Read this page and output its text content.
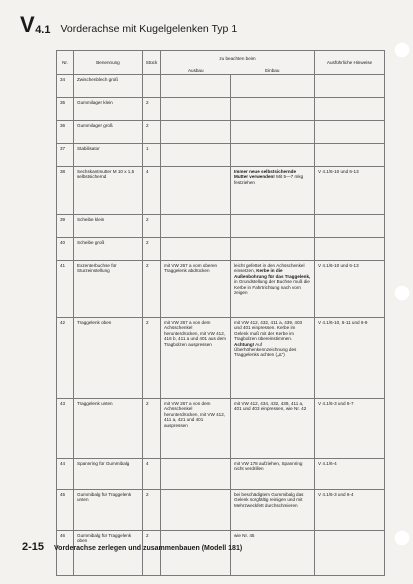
V 4.1 Vorderachse mit Kugelgelenken Typ 1
Nr.	Benennung	Stück	zu beachten beim		Ausführliche Hinweise
			Ausbau	Einbau	
34	Zwischenblech groß				
35	Gummilager klein	2			
36	Gummilager groß	2			
37	Stabilisator	1			
38	Sechskantmutter M 10 x 1,5 selbstsichernd	4		Immer neue selbstsichernde Mutter verwenden! Mit 5—7 mkg festziehen	V 4.1/6-10 und 6-13
39	Scheibe klein	2			
40	Scheibe groß	2			
41	Exzenterbuchse für Sturzeinstellung	2	mit VW 267 a vom oberen Traggelenk abdrücken	leicht gefettet in den Achsschenkel einsetzen, Kerbe in die Außenbohrung für das Traggelenk, in Grundstellung der Buchse muß die Kerbe in Fahrtrichtung nach vorn zeigen	V 4.1/6-10 und 6-13
42	Traggelenk oben	2	mit VW 267 a von dem Achsschenkel herunterdrücken, mit VW 412, 416 b, 411 a und 401 aus dem Tragbolzen auspressen	mit VW 412, 432, 411 a, 439, 403 und 401 einpressen. Kerbe im Gelenk muß mit der Kerbe im Tragbolzen übereinstimmen. Achtung! Auf Überhöhenkennzeichnung des Traggelenks achten („Δ")	V 4.1/6-10, 6-11 und 6-9
43	Traggelenk unten	2	mit VW 267 a von dem Achsschenkel herunterdrücken, mit VW 412, 411 a, 421 und 401 auspressen	mit VW 412, 434, 432, 439, 411 a, 401 und 403 einpressen, wie Nr. 42	V 4.1/6-3 und 6-7
44	Spannring für Gummibalg	4		mit VW 178 aufziehen, Spannring nicht verdrillen	V 4.1/6-4
45	Gummibalg für Traggelenk unten	2		bei beschädigtem Gummibalg das Gelenk sorgfältig reinigen und mit Mehrzweckfett durchschmieren	V 4.1/6-3 und 6-4
46	Gummibalg für Traggelenk oben	2		wie Nr. 45	
2-15 Vorderachse zerlegen und zusammenbauen (Modell 181)
